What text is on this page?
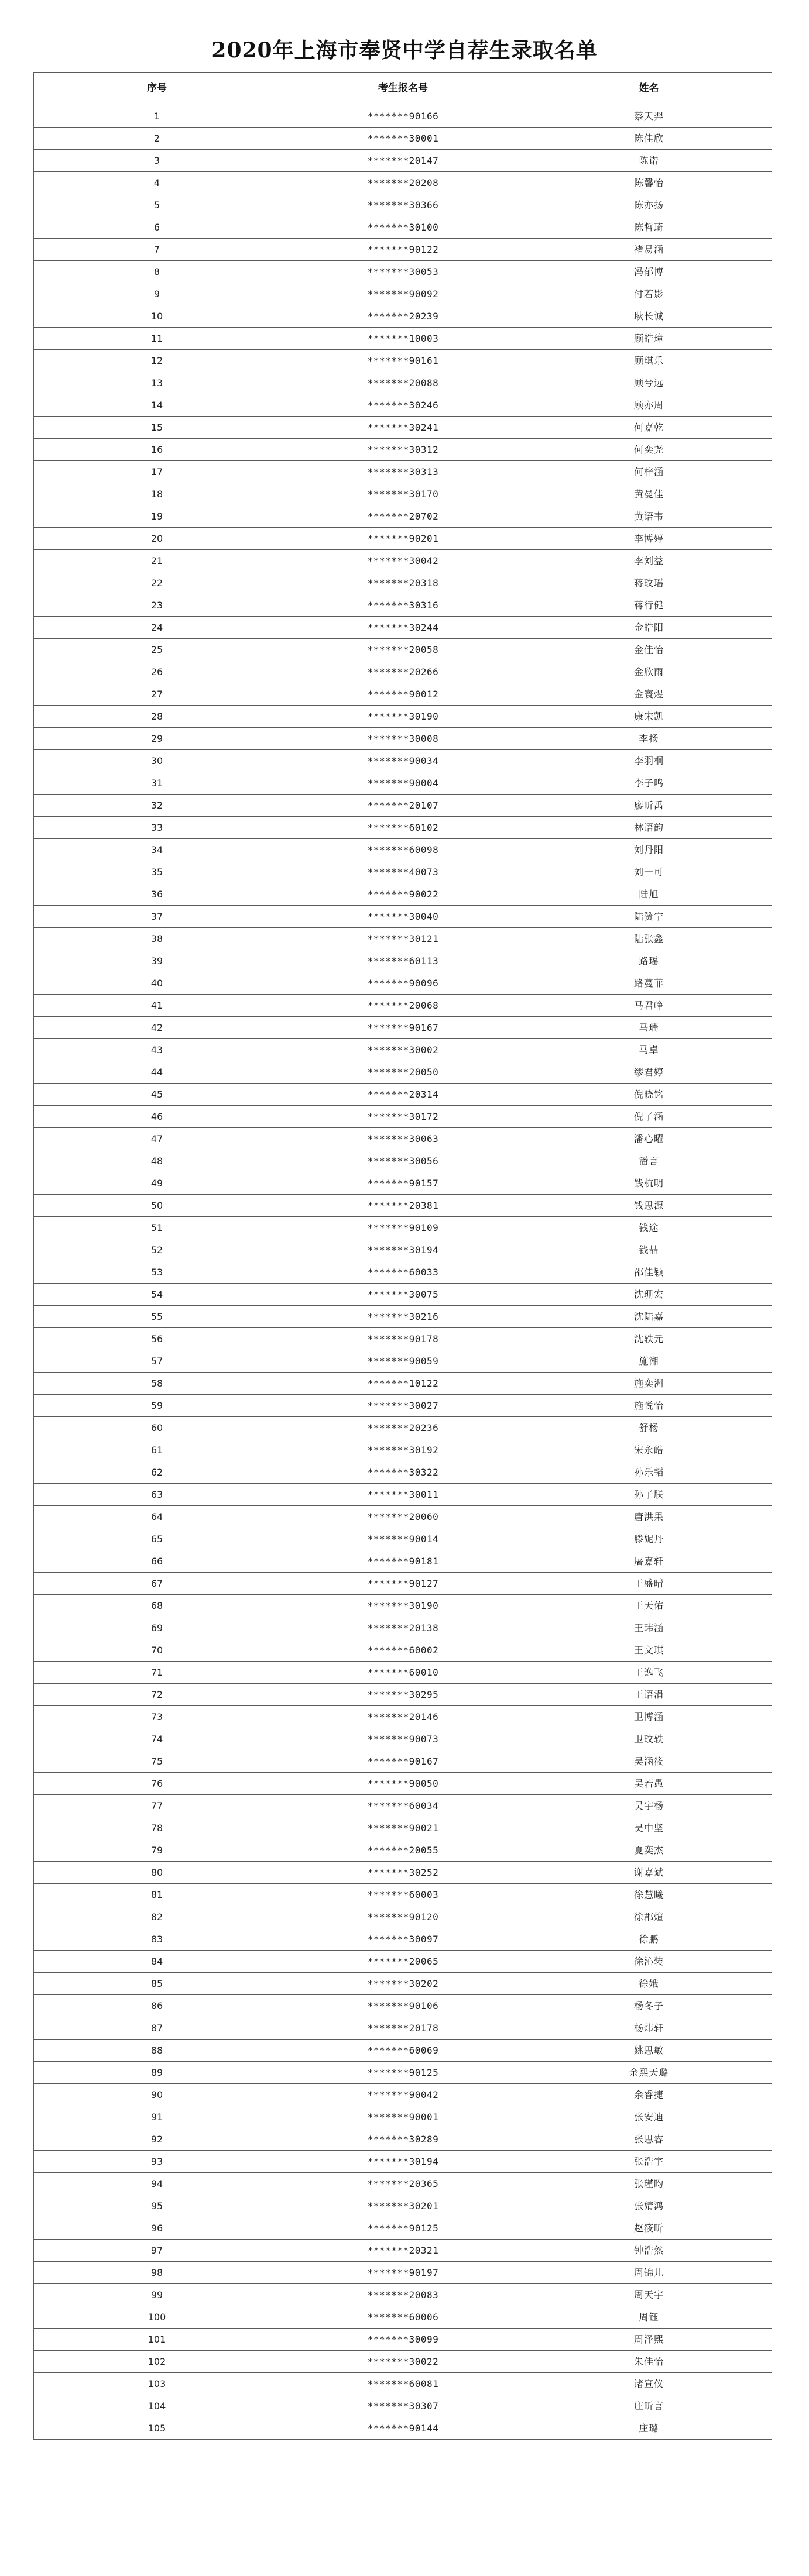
2020年上海市奉贤中学自荐生录取名单
序号	考生报名号	姓名
1	*******90166	蔡天羿
2	*******30001	陈佳欣
3	*******20147	陈诺
4	*******20208	陈馨怡
5	*******30366	陈亦扬
6	*******30100	陈哲琦
7	*******90122	褚易涵
8	*******30053	冯郁博
9	*******90092	付若影
10	*******20239	耿长诚
11	*******10003	顾皓璋
12	*******90161	顾琪乐
13	*******20088	顾兮远
14	*******30246	顾亦周
15	*******30241	何嘉乾
16	*******30312	何奕尧
17	*******30313	何梓涵
18	*******30170	黄曼佳
19	*******20702	黄语韦
20	*******90201	李博婷
21	*******30042	李刘益
22	*******20318	蒋玟瑶
23	*******30316	蒋行健
24	*******30244	金皓阳
25	*******20058	金佳怡
26	*******20266	金欣雨
27	*******90012	金寰煜
28	*******30190	康宋凯
29	*******30008	李扬
30	*******90034	李羽桐
31	*******90004	李子鸣
32	*******20107	廖昕禹
33	*******60102	林语韵
34	*******60098	刘丹阳
35	*******40073	刘一可
36	*******90022	陆旭
37	*******30040	陆赞宁
38	*******30121	陆张鑫
39	*******60113	路瑶
40	*******90096	路蔓菲
41	*******20068	马君峥
42	*******90167	马瑞
43	*******30002	马卓
44	*******20050	缪君婷
45	*******20314	倪晓铭
46	*******30172	倪子涵
47	*******30063	潘心曜
48	*******30056	潘言
49	*******90157	钱杭明
50	*******20381	钱思源
51	*******90109	钱途
52	*******30194	钱喆
53	*******60033	邵佳颖
54	*******30075	沈珊宏
55	*******30216	沈陆嘉
56	*******90178	沈轶元
57	*******90059	施湘
58	*******10122	施奕洲
59	*******30027	施悦怡
60	*******20236	舒杨
61	*******30192	宋永皓
62	*******30322	孙乐韬
63	*******30011	孙子朕
64	*******20060	唐洪果
65	*******90014	滕妮丹
66	*******90181	屠嘉轩
67	*******90127	王盛晴
68	*******30190	王天佑
69	*******20138	王玮涵
70	*******60002	王文琪
71	*******60010	王逸飞
72	*******30295	王语涓
73	*******20146	卫博涵
74	*******90073	卫玟轶
75	*******90167	吴涵筱
76	*******90050	吴若愚
77	*******60034	吴宇杨
78	*******90021	吴中坚
79	*******20055	夏奕杰
80	*******30252	谢嘉斌
81	*******60003	徐慧曦
82	*******90120	徐郡煊
83	*******30097	徐鹏
84	*******20065	徐沁装
85	*******30202	徐娥
86	*******90106	杨冬子
87	*******20178	杨炜轩
88	*******60069	姚思敏
89	*******90125	余熙天璐
90	*******90042	余睿捷
91	*******90001	张安迪
92	*******30289	张思睿
93	*******30194	张浩宇
94	*******20365	张瑾昀
95	*******30201	张婧鸿
96	*******90125	赵筱昕
97	*******20321	钟浩然
98	*******90197	周锦儿
99	*******20083	周天宇
100	*******60006	周钰
101	*******30099	周泽熙
102	*******30022	朱佳怡
103	*******60081	诸宣仪
104	*******30307	庄昕言
105	*******90144	庄璐
